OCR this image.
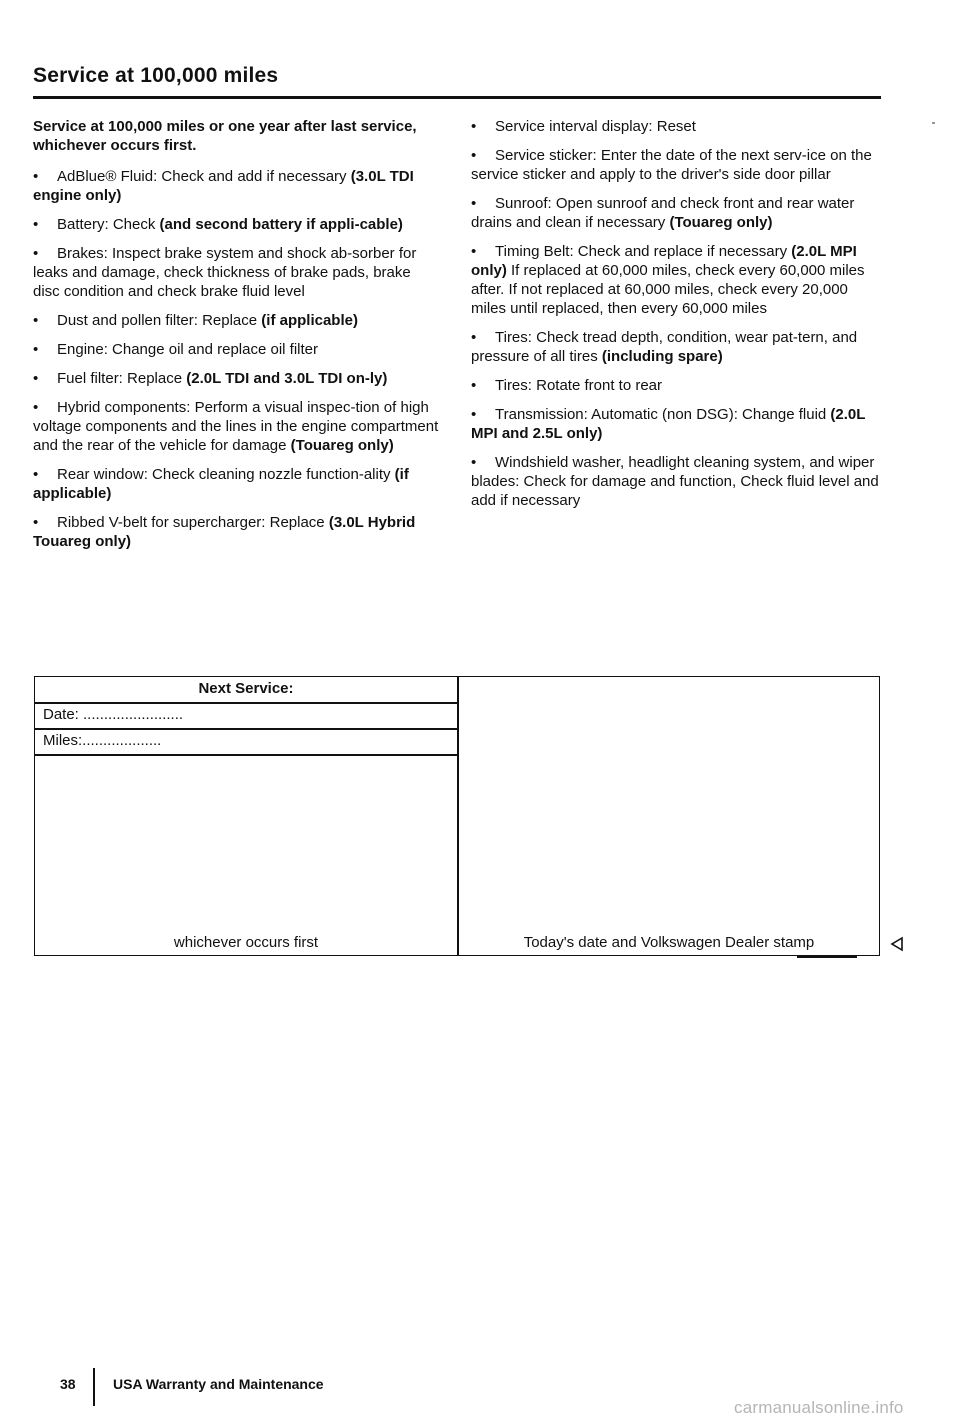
Service at 100,000 miles

Service at 100,000 miles or one year after last service, whichever occurs first.

• AdBlue® Fluid: Check and add if necessary (3.0L TDI engine only)

• Battery: Check (and second battery if appli-cable)

• Brakes: Inspect brake system and shock ab-sorber for leaks and damage, check thickness of brake pads, brake disc condition and check brake fluid level

• Dust and pollen filter: Replace (if applicable)

• Engine: Change oil and replace oil filter

• Fuel filter: Replace (2.0L TDI and 3.0L TDI on-ly)

• Hybrid components: Perform a visual inspec-tion of high voltage components and the lines in the engine compartment and the rear of the vehicle for damage (Touareg only)

• Rear window: Check cleaning nozzle function-ality (if applicable)

• Ribbed V-belt for supercharger: Replace (3.0L Hybrid Touareg only)

• Service interval display: Reset

• Service sticker: Enter the date of the next serv-ice on the service sticker and apply to the driver's side door pillar

• Sunroof: Open sunroof and check front and rear water drains and clean if necessary (Touareg only)

• Timing Belt: Check and replace if necessary (2.0L MPI only) If replaced at 60,000 miles, check every 60,000 miles after. If not replaced at 60,000 miles, check every 20,000 miles until replaced, then every 60,000 miles

• Tires: Check tread depth, condition, wear pat-tern, and pressure of all tires (including spare)

• Tires: Rotate front to rear

• Transmission: Automatic (non DSG): Change fluid (2.0L MPI and 2.5L only)

• Windshield washer, headlight cleaning system, and wiper blades: Check for damage and function, Check fluid level and add if necessary

Next Service:
Date: ........................
Miles:...................
whichever occurs first	Today's date and Volkswagen Dealer stamp
38	USA Warranty and Maintenance
carmanualsonline.info
